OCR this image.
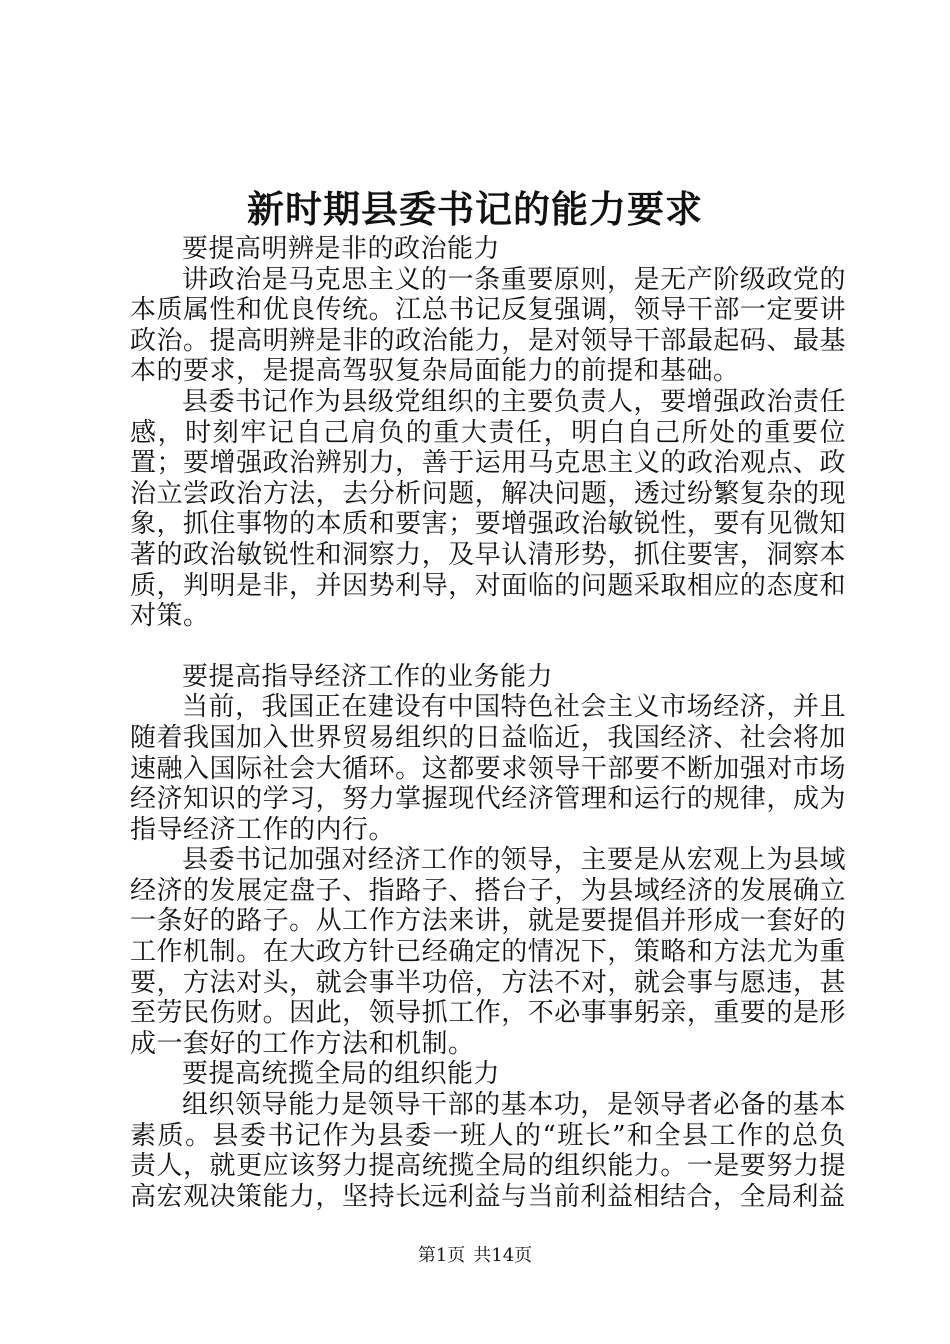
新时期县委书记的能力要求

要提高明辨是非的政治能力

讲政治是马克思主义的一条重要原则，是无产阶级政党的本质属性和优良传统。江总书记反复强调，领导干部一定要讲政治。提高明辨是非的政治能力，是对领导干部最起码、最基本的要求，是提高驾驭复杂局面能力的前提和基础。

县委书记作为县级党组织的主要负责人，要增强政治责任感，时刻牢记自己肩负的重大责任，明白自己所处的重要位置；要增强政治辨别力，善于运用马克思主义的政治观点、政治立尝政治方法，去分析问题，解决问题，透过纷繁复杂的现象，抓住事物的本质和要害；要增强政治敏锐性，要有见微知著的政治敏锐性和洞察力，及早认清形势，抓住要害，洞察本质，判明是非，并因势利导，对面临的问题采取相应的态度和对策。

要提高指导经济工作的业务能力

当前，我国正在建设有中国特色社会主义市场经济，并且随着我国加入世界贸易组织的日益临近，我国经济、社会将加速融入国际社会大循环。这都要求领导干部要不断加强对市场经济知识的学习，努力掌握现代经济管理和运行的规律，成为指导经济工作的内行。

县委书记加强对经济工作的领导，主要是从宏观上为县域经济的发展定盘子、指路子、搭台子，为县域经济的发展确立一条好的路子。从工作方法来讲，就是要提倡并形成一套好的工作机制。在大政方针已经确定的情况下，策略和方法尤为重要，方法对头，就会事半功倍，方法不对，就会事与愿违，甚至劳民伤财。因此，领导抓工作，不必事事躬亲，重要的是形成一套好的工作方法和机制。

要提高统揽全局的组织能力

组织领导能力是领导干部的基本功，是领导者必备的基本素质。县委书记作为县委一班人的“班长”和全县工作的总负责人，就更应该努力提高统揽全局的组织能力。一是要努力提高宏观决策能力，坚持长远利益与当前利益相结合，全局利益

第1页 共14页
